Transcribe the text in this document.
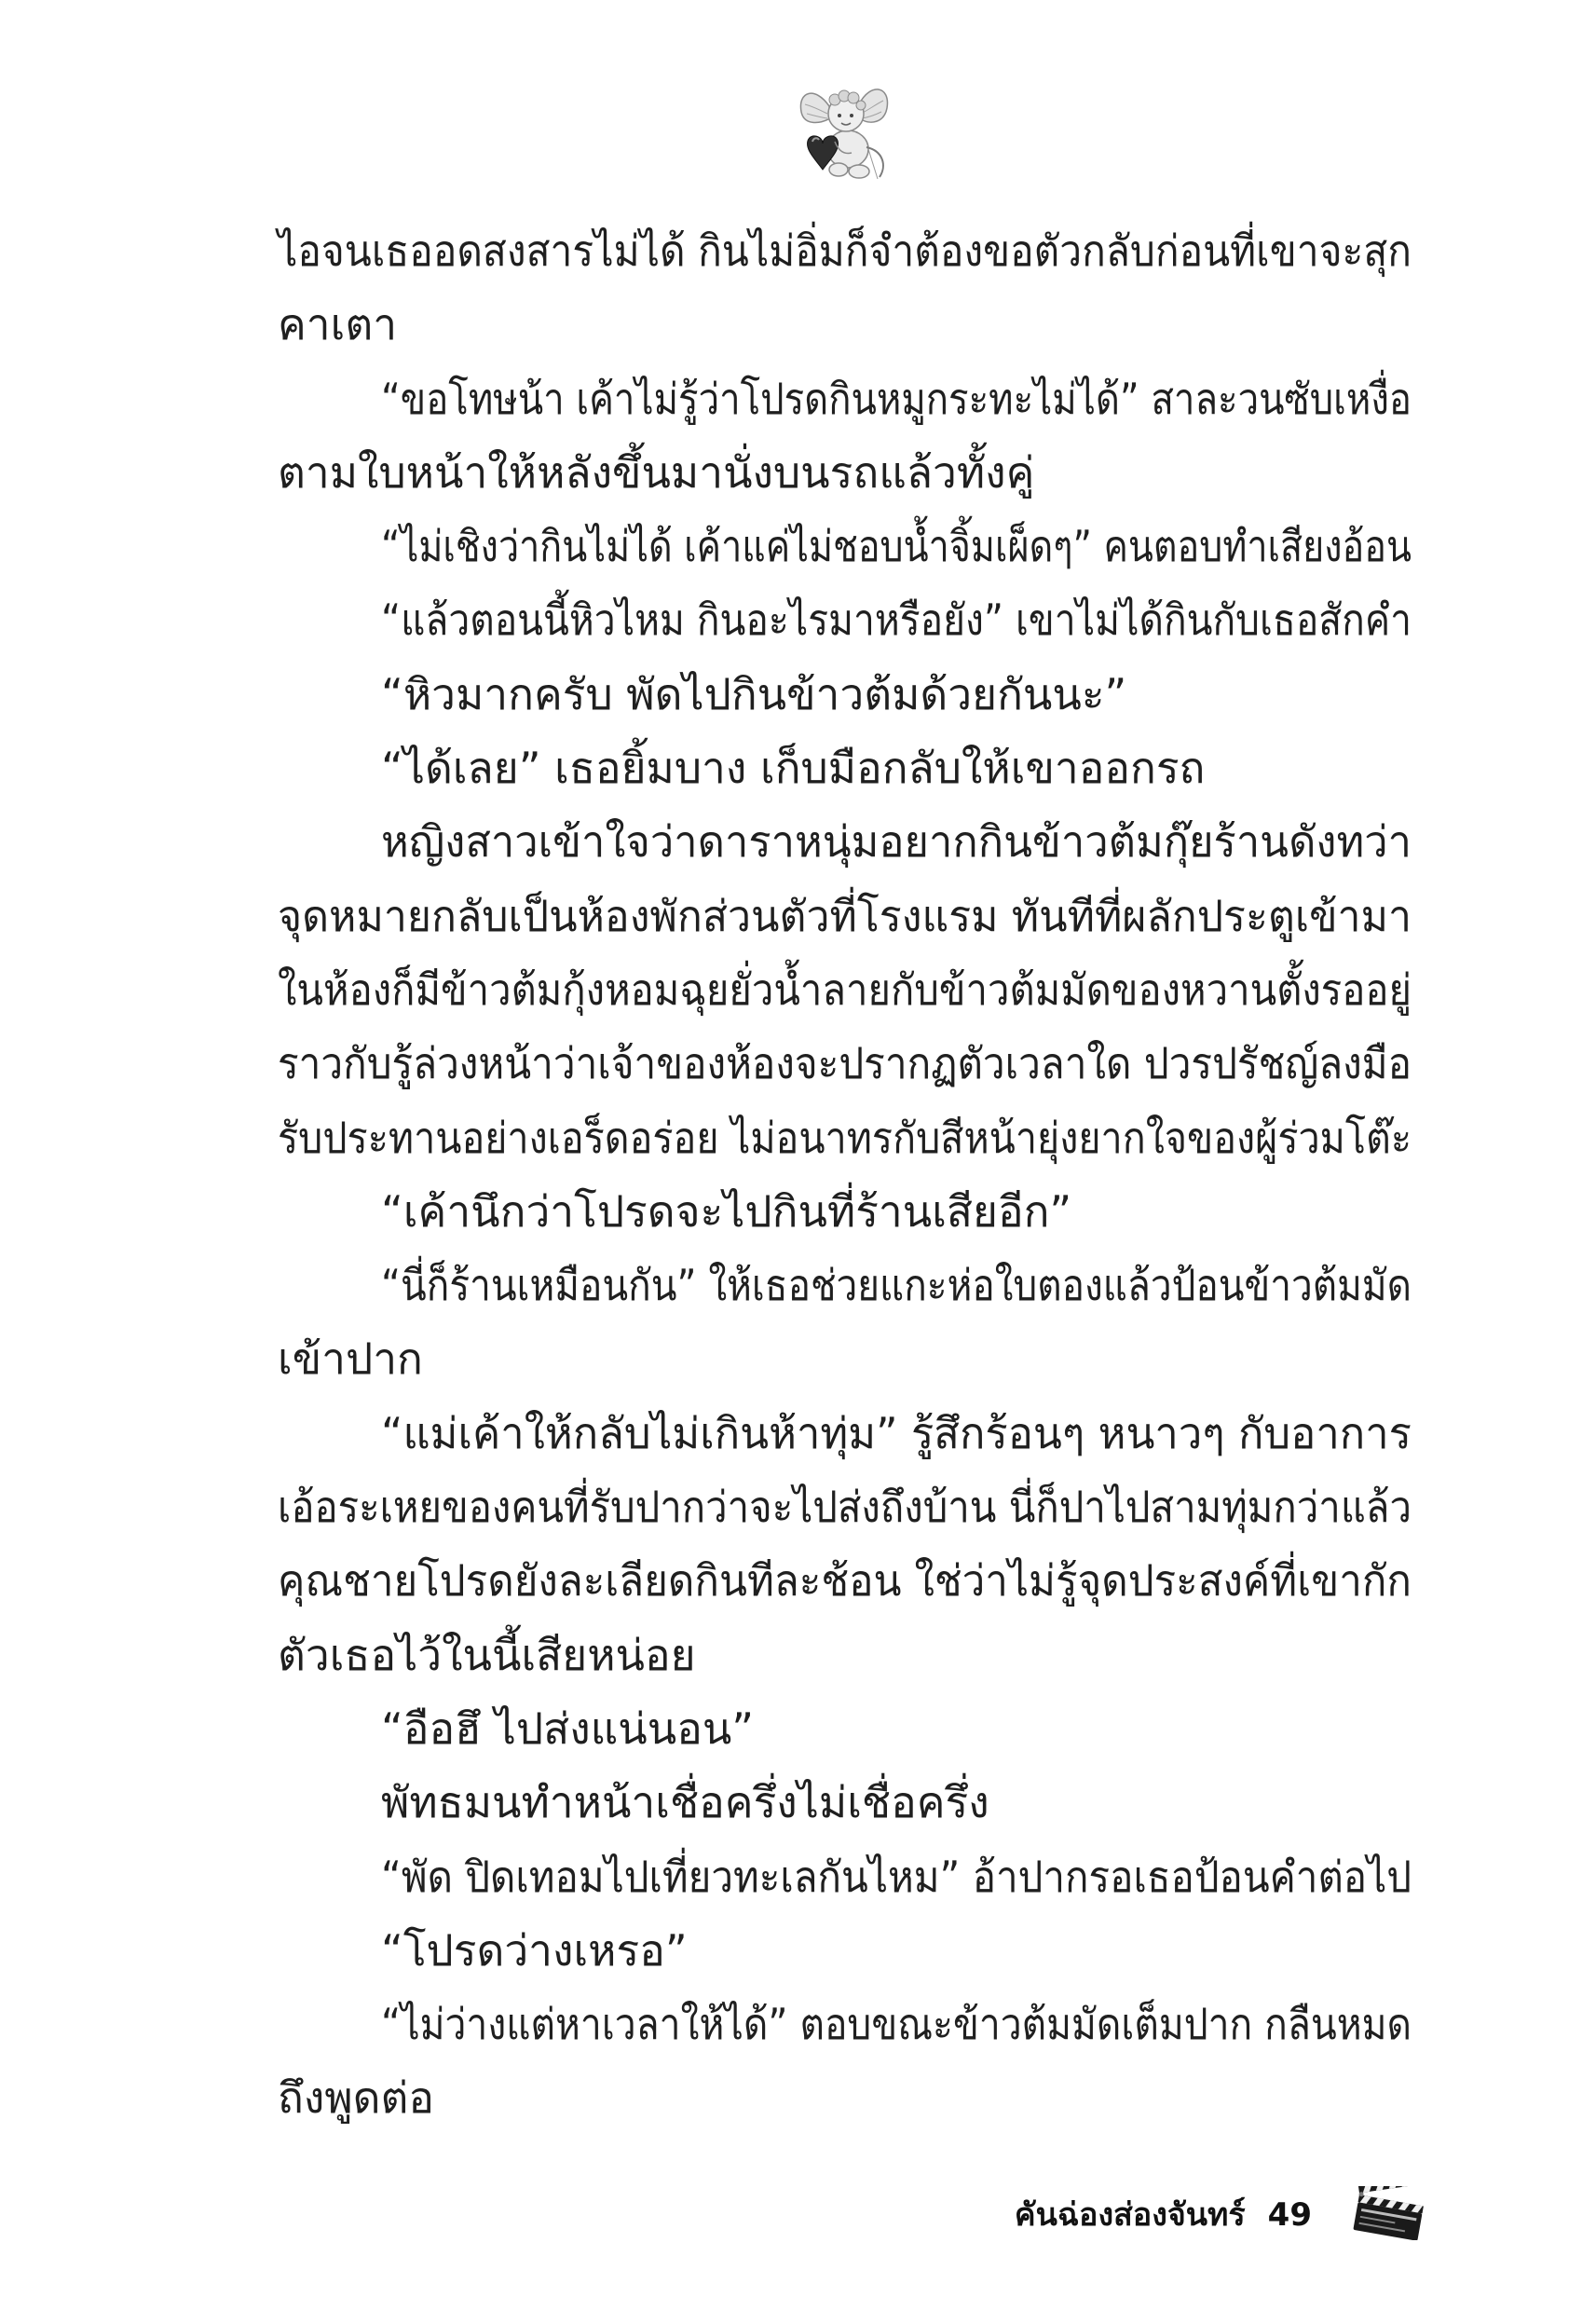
ไอจนเธออดสงสารไม่ได้ กินไม่อิ่มก็จำต้องขอตัวกลับก่อนที่เขาจะสุก
คาเตา
“ขอโทษน้า เค้าไม่รู้ว่าโปรดกินหมูกระทะไม่ได้” สาละวนซับเหงื่อ
ตามใบหน้าให้หลังขึ้นมานั่งบนรถแล้วทั้งคู่
“ไม่เชิงว่ากินไม่ได้ เค้าแค่ไม่ชอบน้ำจิ้มเผ็ดๆ” คนตอบทำเสียงอ้อน
“แล้วตอนนี้หิวไหม กินอะไรมาหรือยัง” เขาไม่ได้กินกับเธอสักคำ
“หิวมากครับ พัดไปกินข้าวต้มด้วยกันนะ”
“ได้เลย” เธอยิ้มบาง เก็บมือกลับให้เขาออกรถ
หญิงสาวเข้าใจว่าดาราหนุ่มอยากกินข้าวต้มกุ๊ยร้านดังทว่า
จุดหมายกลับเป็นห้องพักส่วนตัวที่โรงแรม ทันทีที่ผลักประตูเข้ามา
ในห้องก็มีข้าวต้มกุ้งหอมฉุยยั่วน้ำลายกับข้าวต้มมัดของหวานตั้งรออยู่
ราวกับรู้ล่วงหน้าว่าเจ้าของห้องจะปรากฏตัวเวลาใด ปวรปรัชญ์ลงมือ
รับประทานอย่างเอร็ดอร่อย ไม่อนาทรกับสีหน้ายุ่งยากใจของผู้ร่วมโต๊ะ
“เค้านึกว่าโปรดจะไปกินที่ร้านเสียอีก”
“นี่ก็ร้านเหมือนกัน” ให้เธอช่วยแกะห่อใบตองแล้วป้อนข้าวต้มมัด
เข้าปาก
“แม่เค้าให้กลับไม่เกินห้าทุ่ม” รู้สึกร้อนๆ หนาวๆ กับอาการ
เอ้อระเหยของคนที่รับปากว่าจะไปส่งถึงบ้าน นี่ก็ปาไปสามทุ่มกว่าแล้ว
คุณชายโปรดยังละเลียดกินทีละช้อน ใช่ว่าไม่รู้จุดประสงค์ที่เขากัก
ตัวเธอไว้ในนี้เสียหน่อย
“อือฮึ ไปส่งแน่นอน”
พัทธมนทำหน้าเชื่อครึ่งไม่เชื่อครึ่ง
“พัด ปิดเทอมไปเที่ยวทะเลกันไหม” อ้าปากรอเธอป้อนคำต่อไป
“โปรดว่างเหรอ”
“ไม่ว่างแต่หาเวลาให้ได้” ตอบขณะข้าวต้มมัดเต็มปาก กลืนหมด
ถึงพูดต่อ
คันฉ่องส่องจันทร์ 49
